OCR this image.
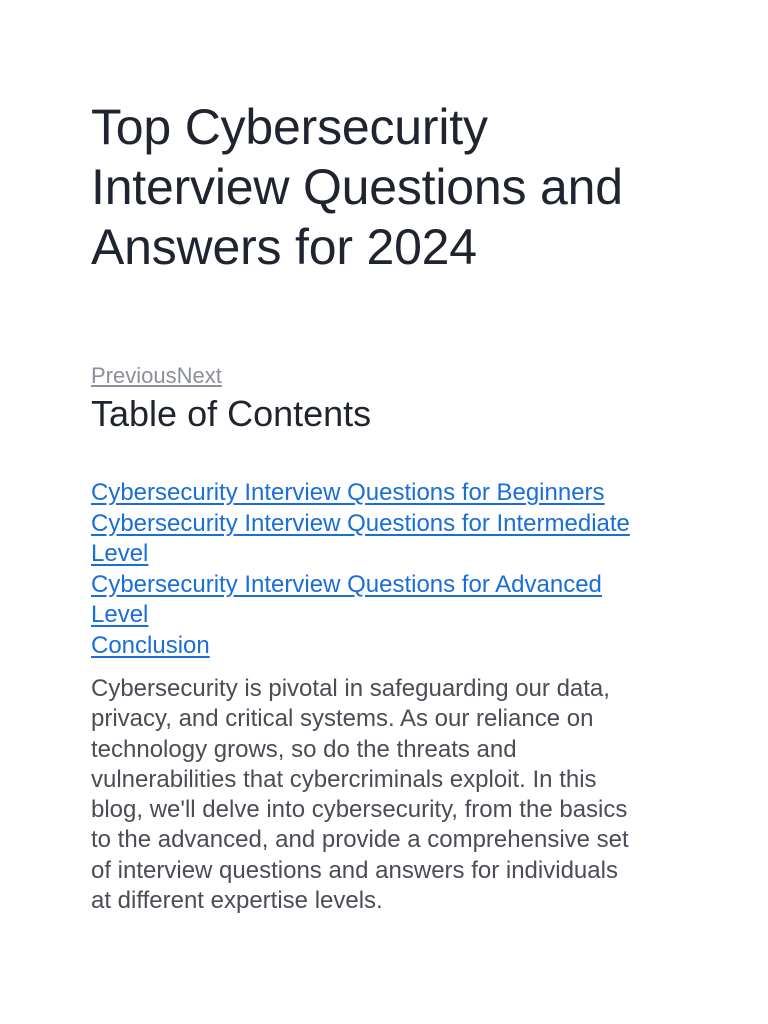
Top Cybersecurity
Interview Questions and
Answers for 2024
PreviousNext
Table of Contents
Cybersecurity Interview Questions for Beginners
Cybersecurity Interview Questions for Intermediate
Level
Cybersecurity Interview Questions for Advanced
Level
Conclusion

Cybersecurity is pivotal in safeguarding our data,
privacy, and critical systems. As our reliance on
technology grows, so do the threats and
vulnerabilities that cybercriminals exploit. In this
blog, we'll delve into cybersecurity, from the basics
to the advanced, and provide a comprehensive set
of interview questions and answers for individuals
at different expertise levels.
